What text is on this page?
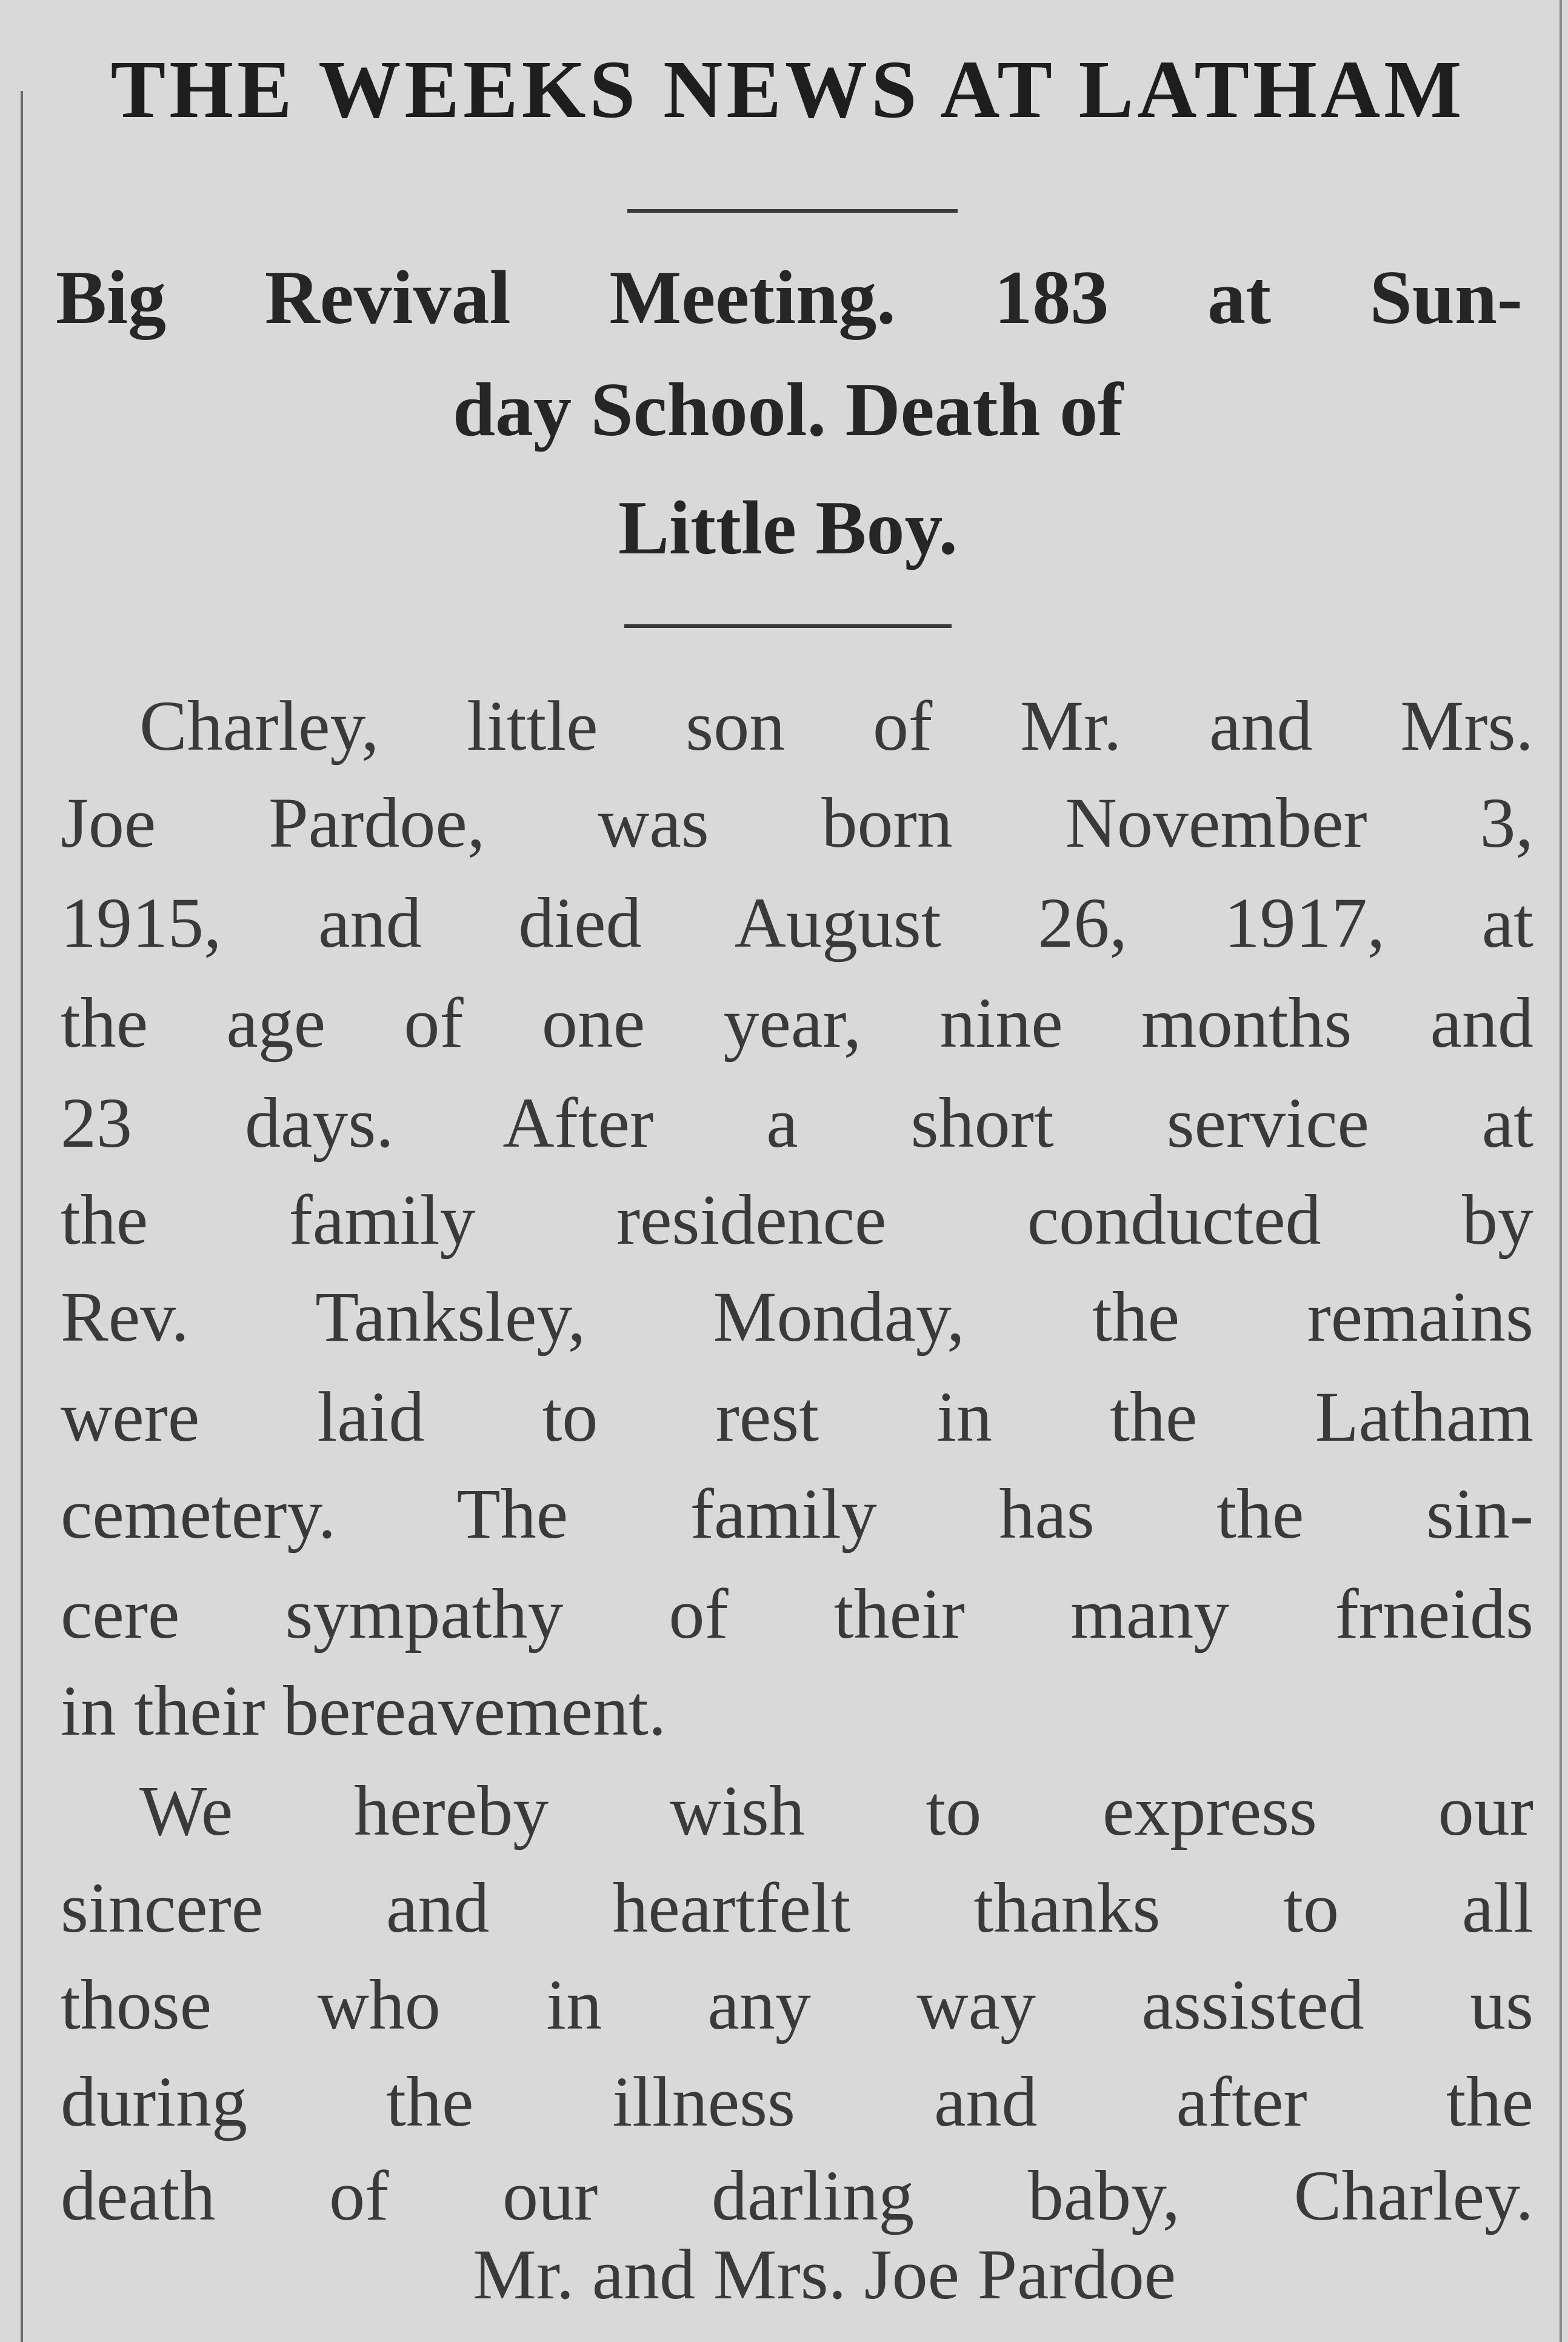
THE WEEKS NEWS AT LATHAM
Big Revival Meeting. 183 at Sun-
day School. Death of
Little Boy.
Charley, little son of Mr. and Mrs.
Joe Pardoe, was born November 3,
1915, and died August 26, 1917, at
the age of one year, nine months and
23 days. After a short service at
the family residence conducted by
Rev. Tanksley, Monday, the remains
were laid to rest in the Latham
cemetery. The family has the sin-
cere sympathy of their many frneids
in their bereavement.
We hereby wish to express our
sincere and heartfelt thanks to all
those who in any way assisted us
during the illness and after the
death of our darling baby, Charley.
Mr. and Mrs. Joe Pardoe
